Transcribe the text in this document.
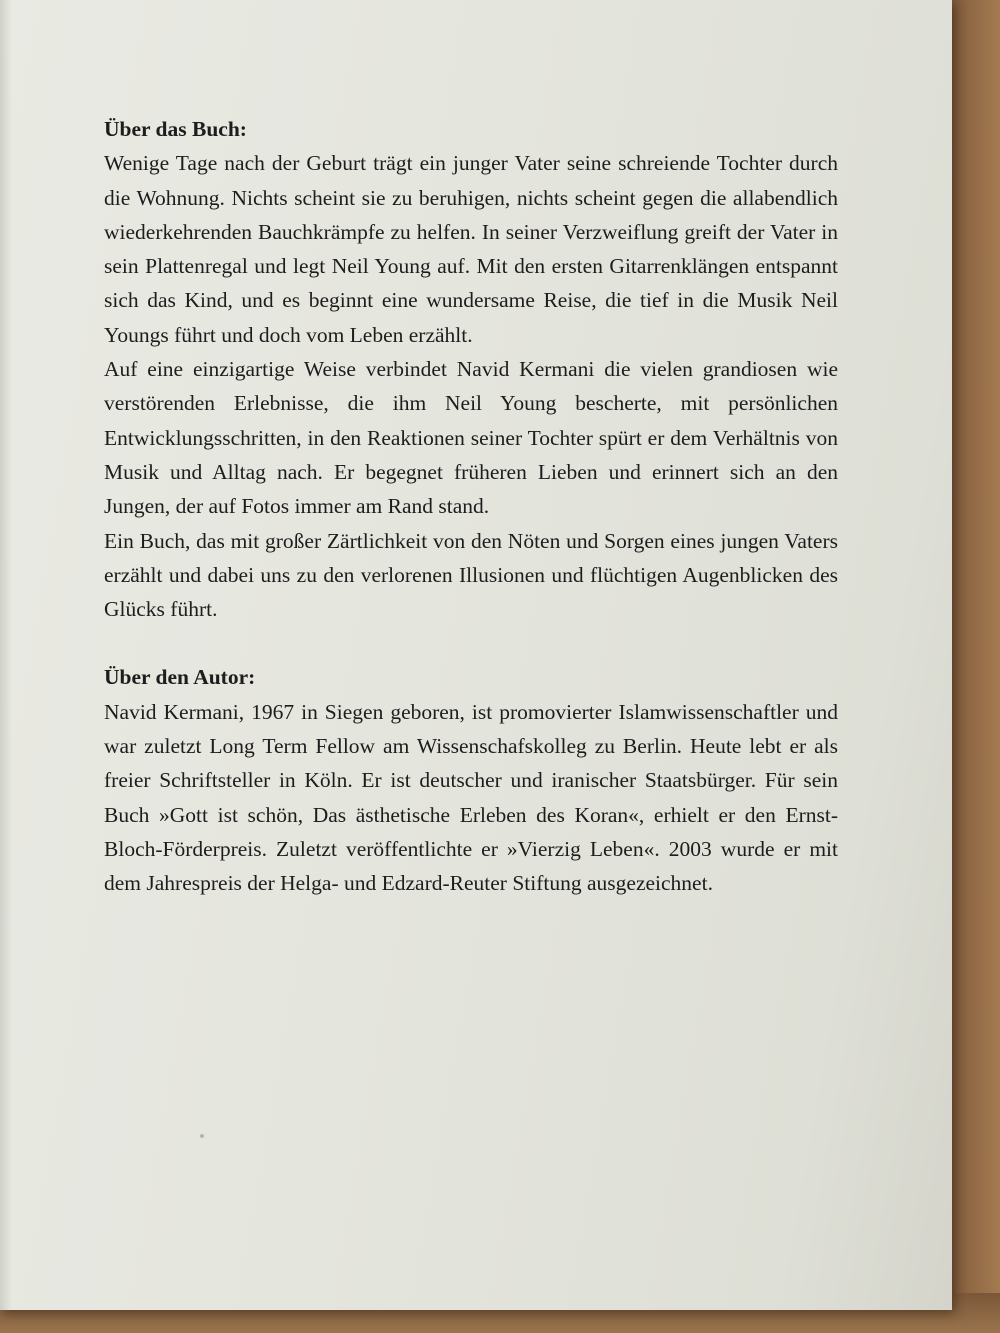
Über das Buch:

Wenige Tage nach der Geburt trägt ein junger Vater seine schreiende Tochter durch die Wohnung. Nichts scheint sie zu beruhigen, nichts scheint gegen die allabendlich wiederkehrenden Bauchkrämpfe zu helfen. In seiner Verzweiflung greift der Vater in sein Plattenregal und legt Neil Young auf. Mit den ersten Gitarrenklängen entspannt sich das Kind, und es beginnt eine wundersame Reise, die tief in die Musik Neil Youngs führt und doch vom Leben erzählt.

Auf eine einzigartige Weise verbindet Navid Kermani die vielen grandiosen wie verstörenden Erlebnisse, die ihm Neil Young bescherte, mit persönlichen Entwicklungsschritten, in den Reaktionen seiner Tochter spürt er dem Verhältnis von Musik und Alltag nach. Er begegnet früheren Lieben und erinnert sich an den Jungen, der auf Fotos immer am Rand stand.

Ein Buch, das mit großer Zärtlichkeit von den Nöten und Sorgen eines jungen Vaters erzählt und dabei uns zu den verlorenen Illusionen und flüchtigen Augenblicken des Glücks führt.

Über den Autor:

Navid Kermani, 1967 in Siegen geboren, ist promovierter Islamwissenschaftler und war zuletzt Long Term Fellow am Wissenschafskolleg zu Berlin. Heute lebt er als freier Schriftsteller in Köln. Er ist deutscher und iranischer Staatsbürger. Für sein Buch »Gott ist schön, Das ästhetische Erleben des Koran«, erhielt er den Ernst-Bloch-Förderpreis. Zuletzt veröffentlichte er »Vierzig Leben«. 2003 wurde er mit dem Jahrespreis der Helga- und Edzard-Reuter Stiftung ausgezeichnet.
